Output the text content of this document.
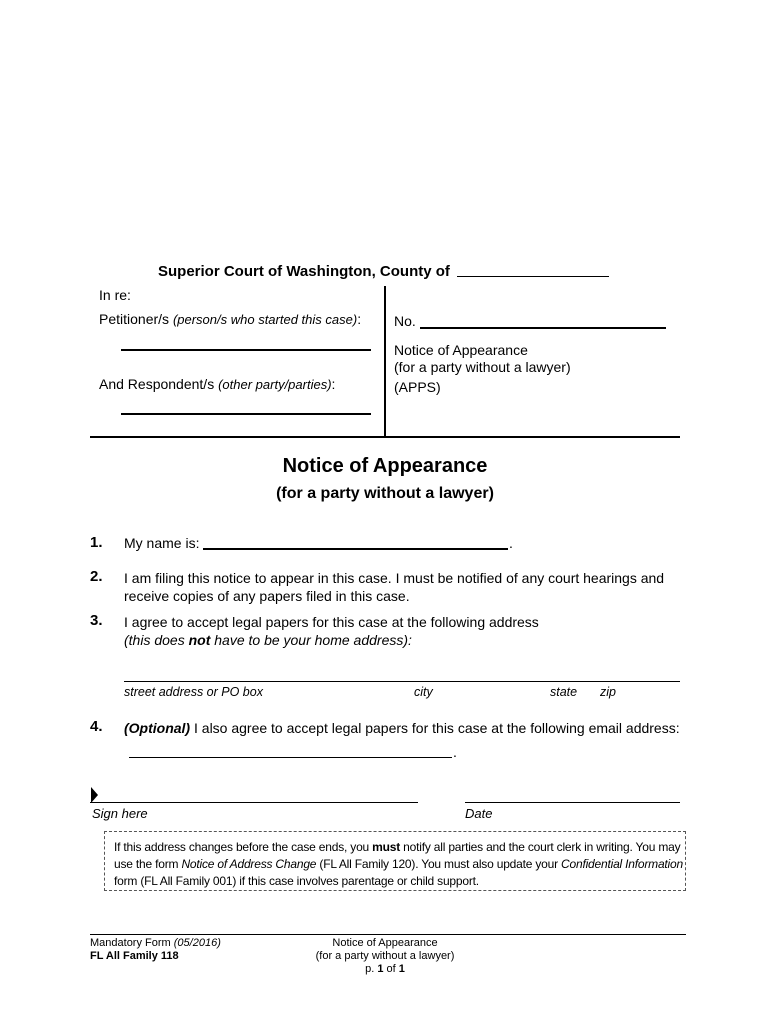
Superior Court of Washington, County of
In re:
Petitioner/s (person/s who started this case):
And Respondent/s (other party/parties):
No.
Notice of Appearance
(for a party without a lawyer)
(APPS)
Notice of Appearance
(for a party without a lawyer)
1. My name is:	.
2. I am filing this notice to appear in this case. I must be notified of any court hearings and
receive copies of any papers filed in this case.
3. I agree to accept legal papers for this case at the following address
(this does not have to be your home address):
street address or PO box	city	state zip
4. (Optional) I also agree to accept legal papers for this case at the following email address:
.
Sign here	Date
If this address changes before the case ends, you must notify all parties and the court clerk in writing. You may
use the form Notice of Address Change (FL All Family 120). You must also update your Confidential Information
form (FL All Family 001) if this case involves parentage or child support.
Mandatory Form (05/2016)
FL All Family 118
Notice of Appearance
(for a party without a lawyer)
p. 1 of 1
